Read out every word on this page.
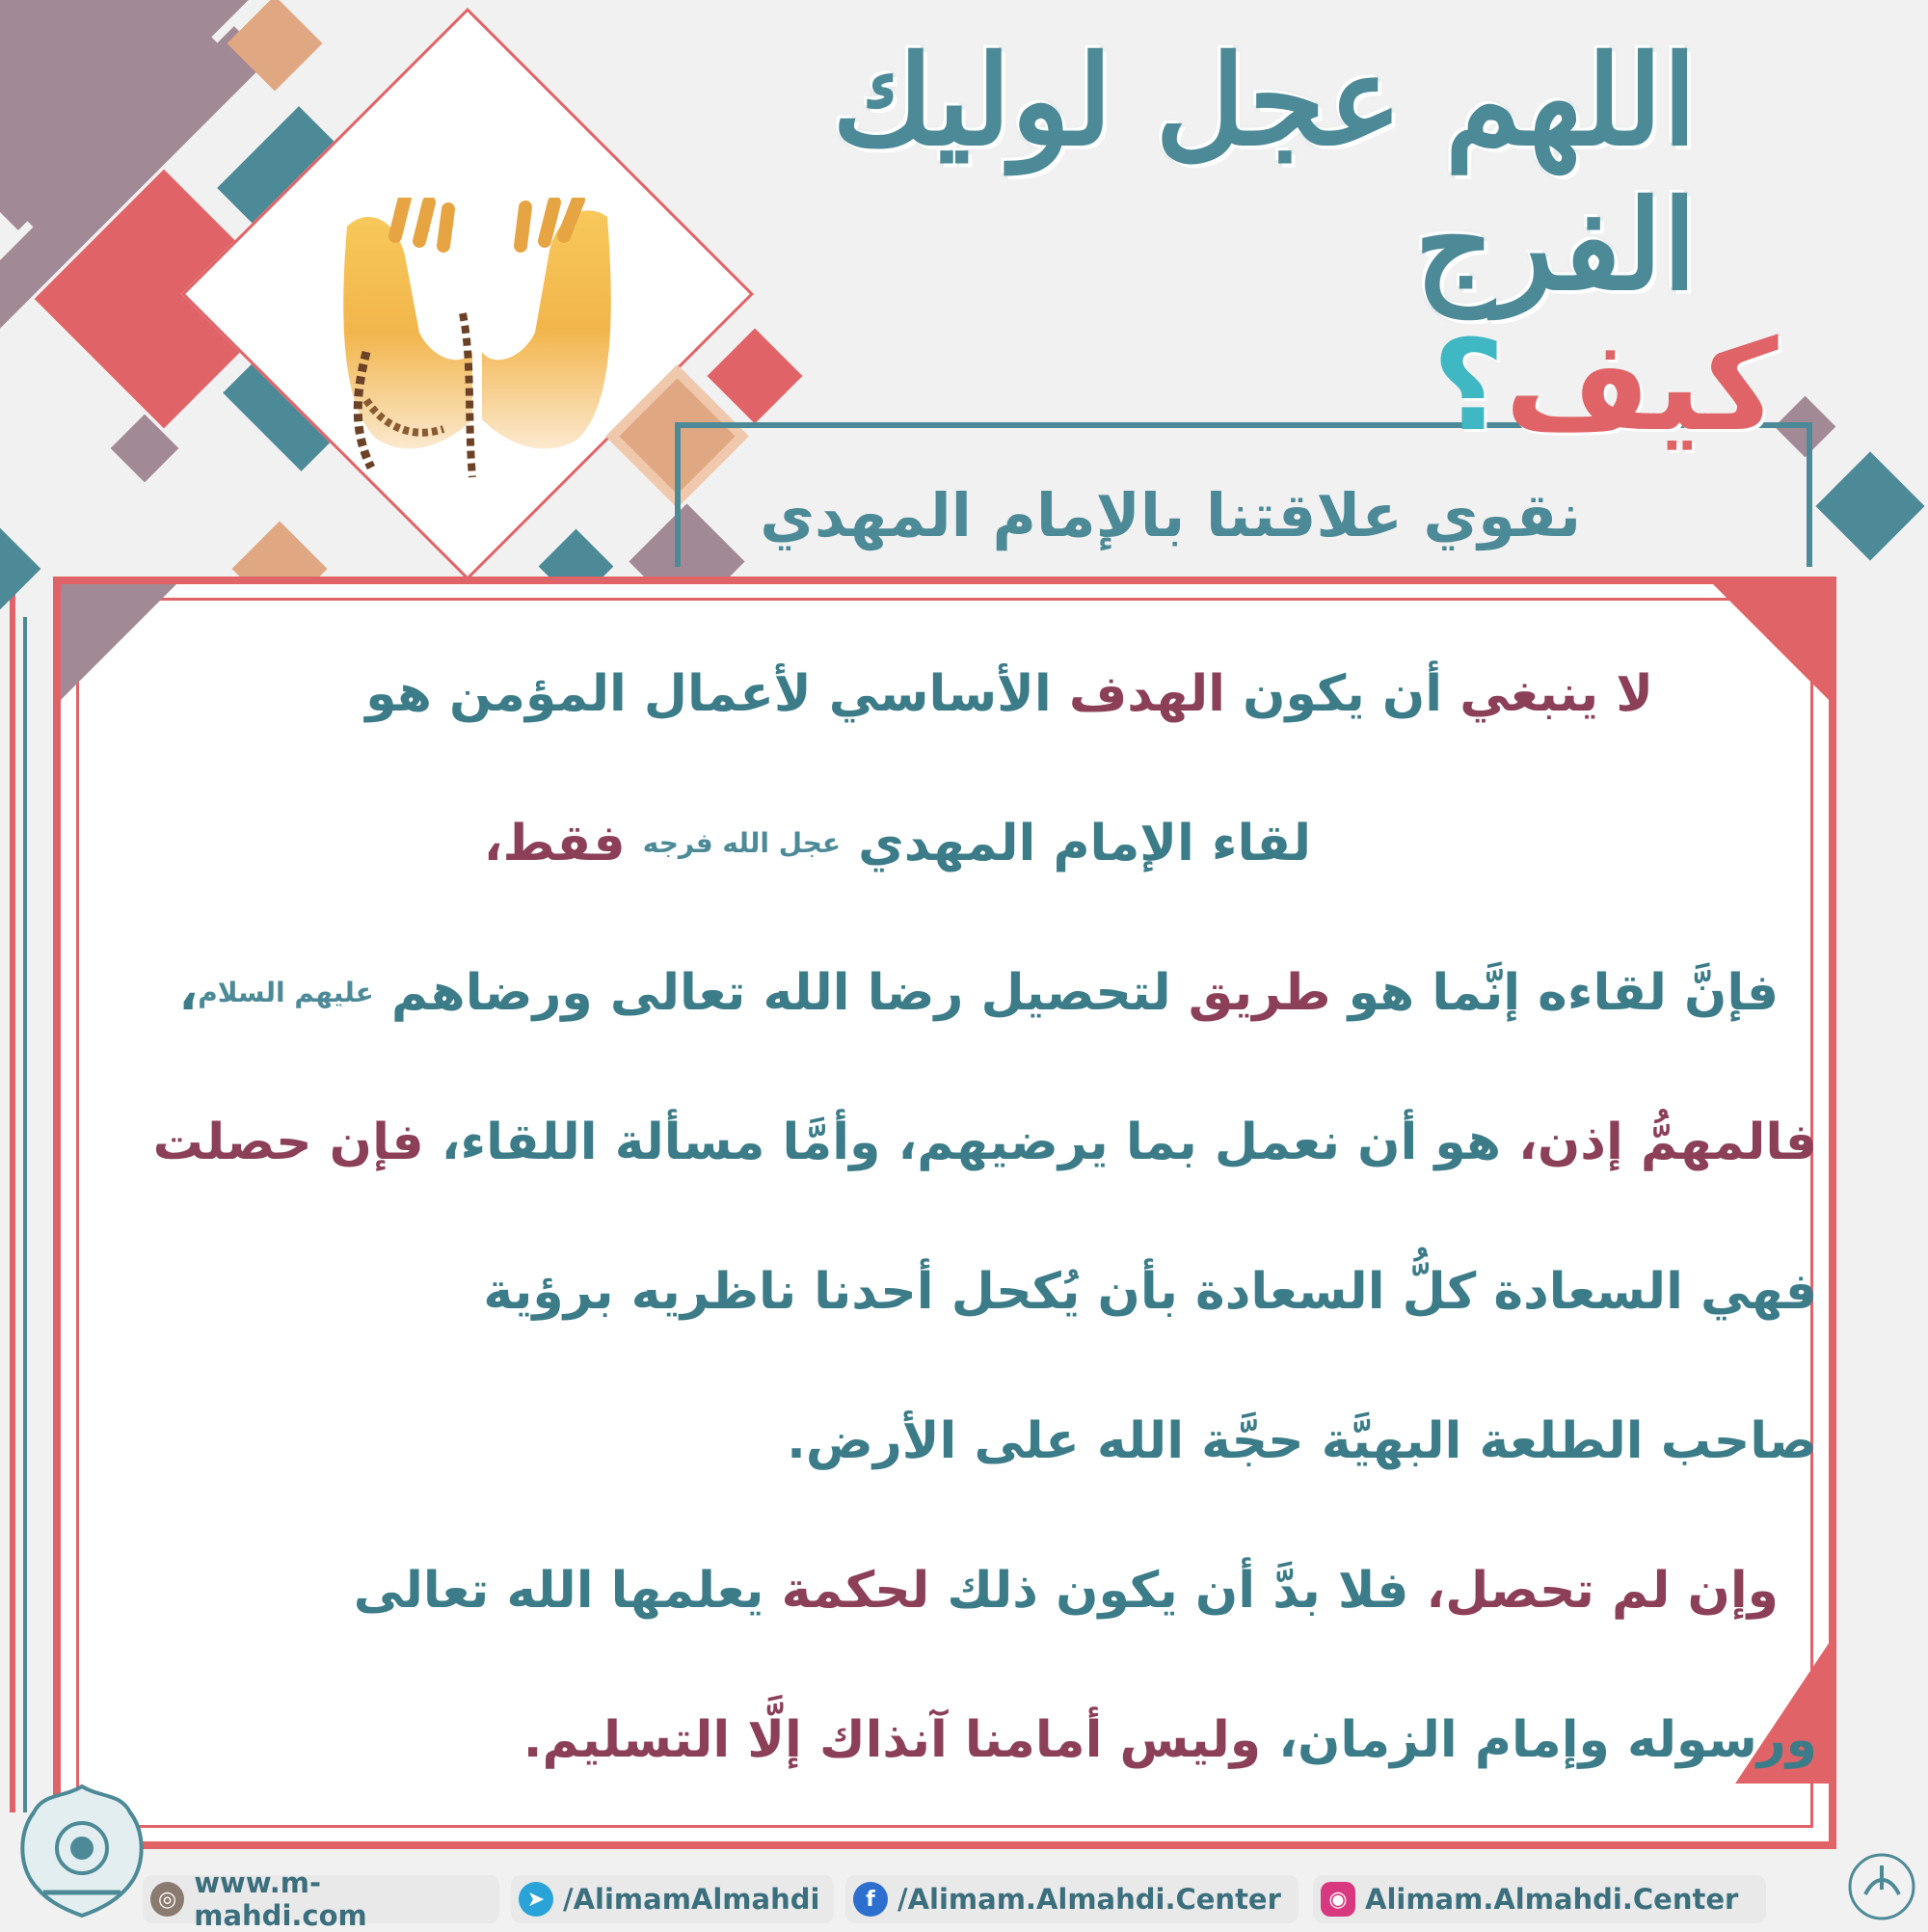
اللهم عجل لوليك الفرج
كيف؟
نقوي علاقتنا بالإمام المهدي
لا ينبغي أن يكون الهدف الأساسي لأعمال المؤمن هو
لقاء الإمام المهدي $^{عجل الله فرجه}$ فقط،
فإنَّ لقاءه إنَّما هو طريق لتحصيل رضا الله تعالى ورضاهم $^{عليهم السلام}$،
فالمهمُّ إذن، هو أن نعمل بما يرضيهم، وأمَّا مسألة اللقاء، فإن حصلت
فهي السعادة كلُّ السعادة بأن يُكحل أحدنا ناظريه برؤية
صاحب الطلعة البهيَّة حجَّة الله على الأرض.
وإن لم تحصل، فلا بدَّ أن يكون ذلك لحكمة يعلمها الله تعالى
ورسوله وإمام الزمان، وليس أمامنا آنذاك إلَّا التسليم.
◎ www.m-mahdi.com	➤ /AlimamAlmahdi	f /Alimam.Almahdi.Center	◉ Alimam.Almahdi.Center
